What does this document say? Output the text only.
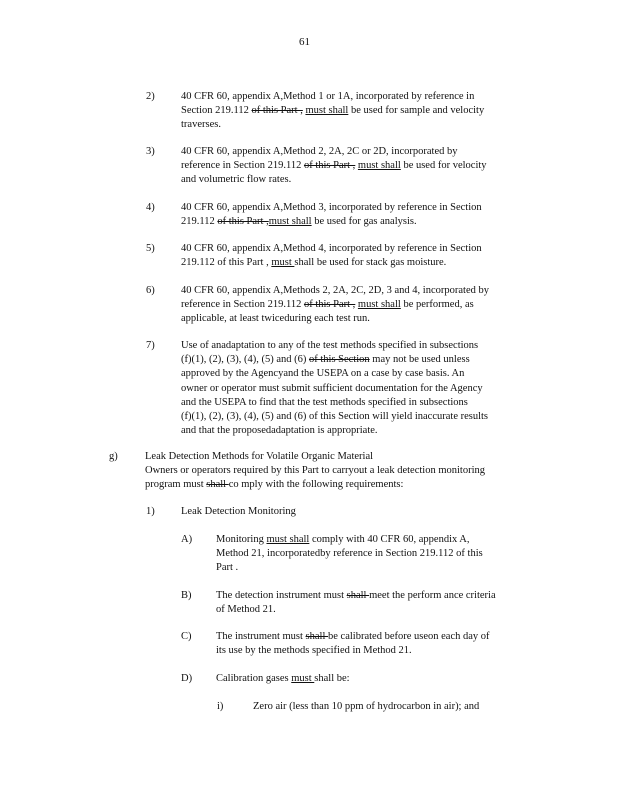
61
2)	40 CFR 60, appendix A,Method 1 or 1A, incorporated by reference in
Section 219.112 of this Part , must shall be used for sample and velocity
traverses.
3)	40 CFR 60, appendix A,Method 2, 2A, 2C or 2D, incorporated by
reference in Section 219.112 of this Part , must shall be used for velocity
and volumetric flow rates.
4)	40 CFR 60, appendix A,Method 3, incorporated by reference in Section
219.112 of this Part ,must shall be used for gas analysis.
5)	40 CFR 60, appendix A,Method 4, incorporated by reference in Section
219.112 of this Part , must shall be used for stack gas moisture.
6)	40 CFR 60, appendix A,Methods 2, 2A, 2C, 2D, 3 and 4, incorporated by
reference in Section 219.112 of this Part , must shall be performed, as
applicable, at least twiceduring each test run.
7)	Use of anadaptation to any of the test methods specified in subsections
(f)(1), (2), (3), (4), (5) and (6) of this Section may not be used unless
approved by the Agencyand the USEPA on a case by case basis. An
owner or operator must submit sufficient documentation for the Agency
and the USEPA to find that the test methods specified in subsections
(f)(1), (2), (3), (4), (5) and (6) of this Section will yield inaccurate results
and that the proposedadaptation is appropriate.
g)	Leak Detection Methods for Volatile Organic Material
Owners or operators required by this Part to carryout a leak detection monitoring
program must shall co mply with the following requirements:
1)	Leak Detection Monitoring
A) Monitoring must shall comply with 40 CFR 60, appendix A,
Method 21, incorporatedby reference in Section 219.112 of this
Part .
B) The detection instrument must shall meet the perform ance criteria
of Method 21.
C) The instrument must shall be calibrated before useon each day of
its use by the methods specified in Method 21.
D) Calibration gases must shall be:
i)	Zero air (less than 10 ppm of hydrocarbon in air); and
